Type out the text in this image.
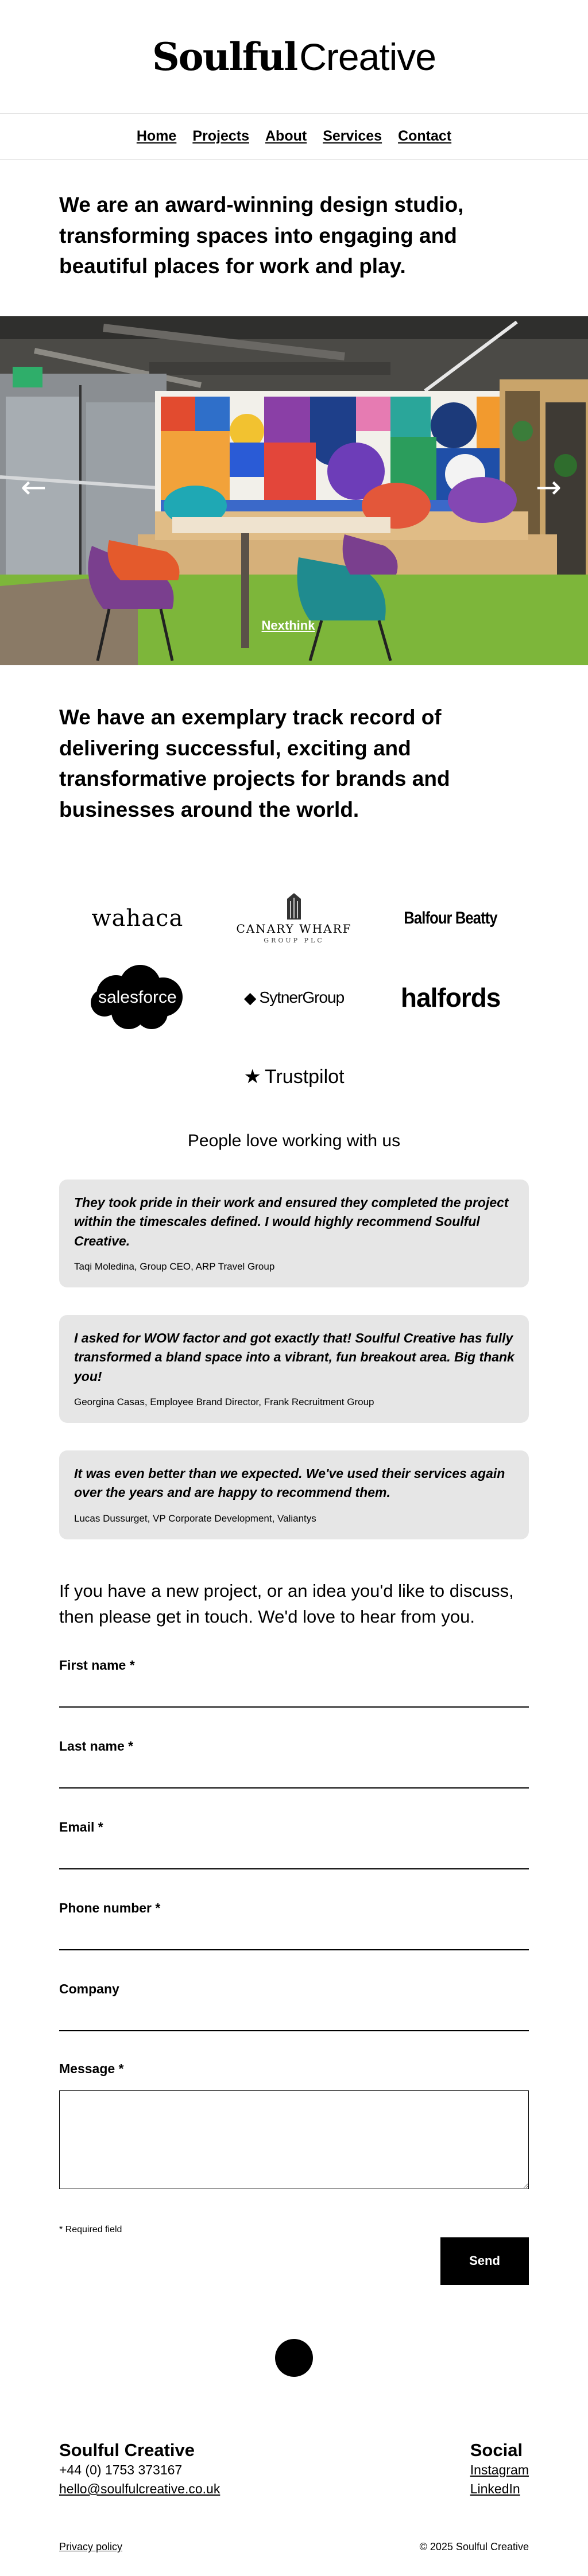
Soulful Creative
Home Projects About Services Contact
We are an award-winning design studio, transforming spaces into engaging and beautiful places for work and play.
←	→
Nexthink
We have an exemplary track record of delivering successful, exciting and transformative projects for brands and businesses around the world.
wahaca	CANARY WHARF
GROUP PLC
Balfour Beatty
salesforce	◆ SytnerGroup halfords
★ Trustpilot
People love working with us

They took pride in their work and ensured they completed the project within the timescales defined. I would highly recommend Soulful Creative.

Taqi Moledina, Group CEO, ARP Travel Group

I asked for WOW factor and got exactly that! Soulful Creative has fully transformed a bland space into a vibrant, fun breakout area. Big thank you!

Georgina Casas, Employee Brand Director, Frank Recruitment Group

It was even better than we expected. We've used their services again over the years and are happy to recommend them.

Lucas Dussurget, VP Corporate Development, Valiantys

If you have a new project, or an idea you'd like to discuss, then please get in touch. We'd love to hear from you.

First name *
Last name *
Email *
Phone number *
Company
Message *

* Required field

Send
Soulful Creative
+44 (0) 1753 373167
hello@soulfulcreative.co.uk
Social
Instagram
LinkedIn
Privacy policy	© 2025 Soulful Creative
